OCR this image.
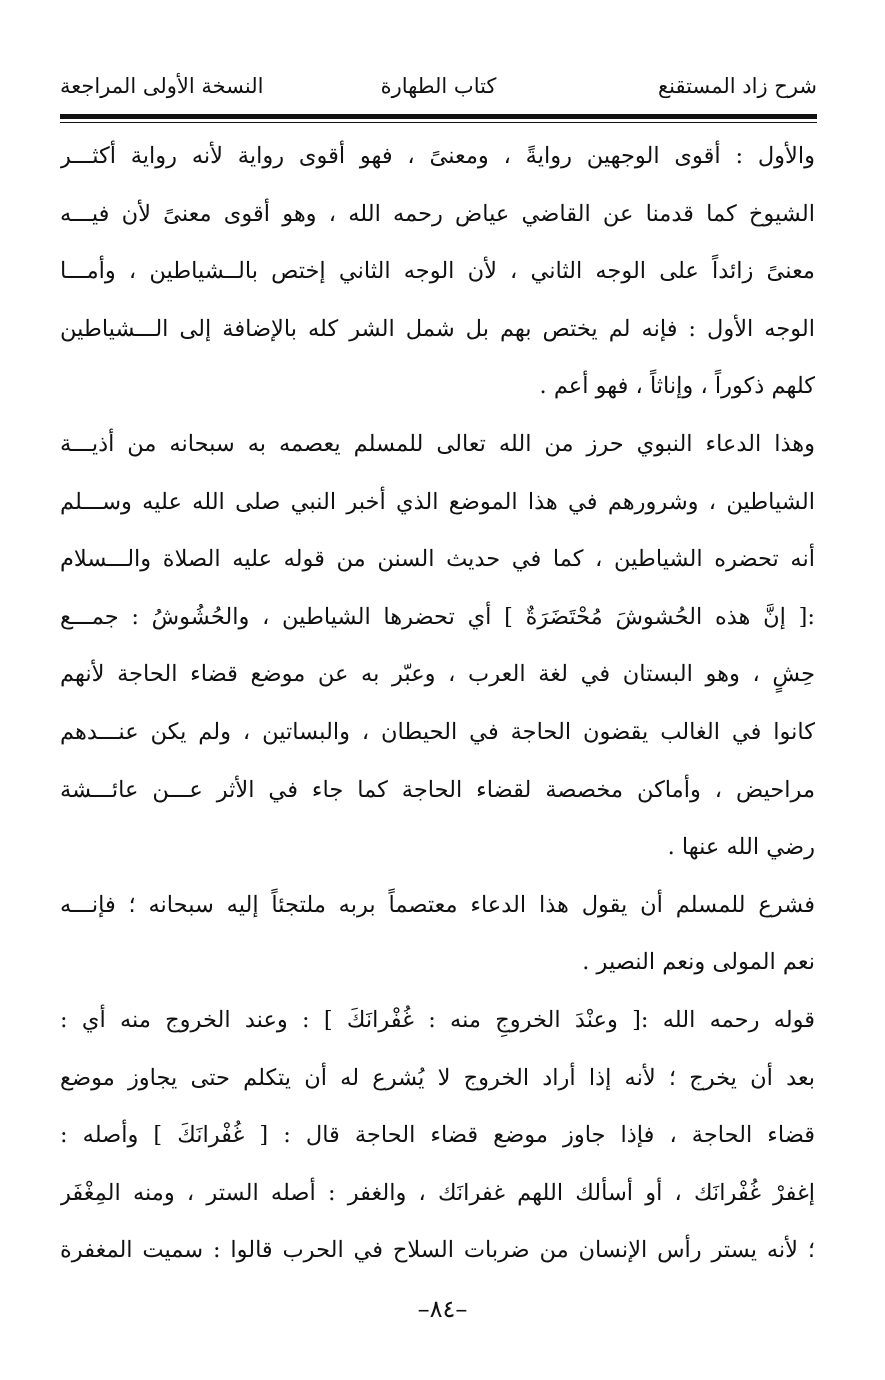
شرح زاد المستقنع
كتاب الطهارة
النسخة الأولى المراجعة
والأول : أقوى الوجهين روايةً ، ومعنىً ، فهو أقوى رواية لأنه رواية أكثـــر
الشيوخ كما قدمنا عن القاضي عياض رحمه الله ، وهو أقوى معنىً لأن فيـــه
معنىً زائداً على الوجه الثاني ، لأن الوجه الثاني إختص بالــشياطين ، وأمـــا
الوجه الأول : فإنه لم يختص بهم بل شمل الشر كله بالإضافة إلى الـــشياطين
كلهم ذكوراً ، وإناثاً ، فهو أعم .
وهذا الدعاء النبوي حرز من الله تعالى للمسلم يعصمه به سبحانه من أذيـــة
الشياطين ، وشرورهم في هذا الموضع الذي أخبر النبي صلى الله عليه وســـلم
أنه تحضره الشياطين ، كما في حديث السنن من قوله عليه الصلاة والـــسلام
:[ إنَّ هذه الحُشوشَ مُحْتَضَرَةٌ ] أي تحضرها الشياطين ، والحُشُوشُ : جمـــع
حِشٍ ، وهو البستان في لغة العرب ، وعبّر به عن موضع قضاء الحاجة لأنهم
كانوا في الغالب يقضون الحاجة في الحيطان ، والبساتين ، ولم يكن عنـــدهم
مراحيض ، وأماكن مخصصة لقضاء الحاجة كما جاء في الأثر عـــن عائـــشة
رضي الله عنها .
فشرع للمسلم أن يقول هذا الدعاء معتصماً بربه ملتجئاً إليه سبحانه ؛ فإنـــه
نعم المولى ونعم النصير .
قوله رحمه الله :[ وعنْدَ الخروجِ منه : غُفْرانَكَ ] : وعند الخروج منه أي :
بعد أن يخرج ؛ لأنه إذا أراد الخروج لا يُشرع له أن يتكلم حتى يجاوز موضع
قضاء الحاجة ، فإذا جاوز موضع قضاء الحاجة قال : [ غُفْرانَكَ ] وأصله :
إغفرْ غُفْرانَك ، أو أسألك اللهم غفرانَك ، والغفر : أصله الستر ، ومنه المِغْفَر
؛ لأنه يستر رأس الإنسان من ضربات السلاح في الحرب قالوا : سميت المغفرة
–٨٤–
